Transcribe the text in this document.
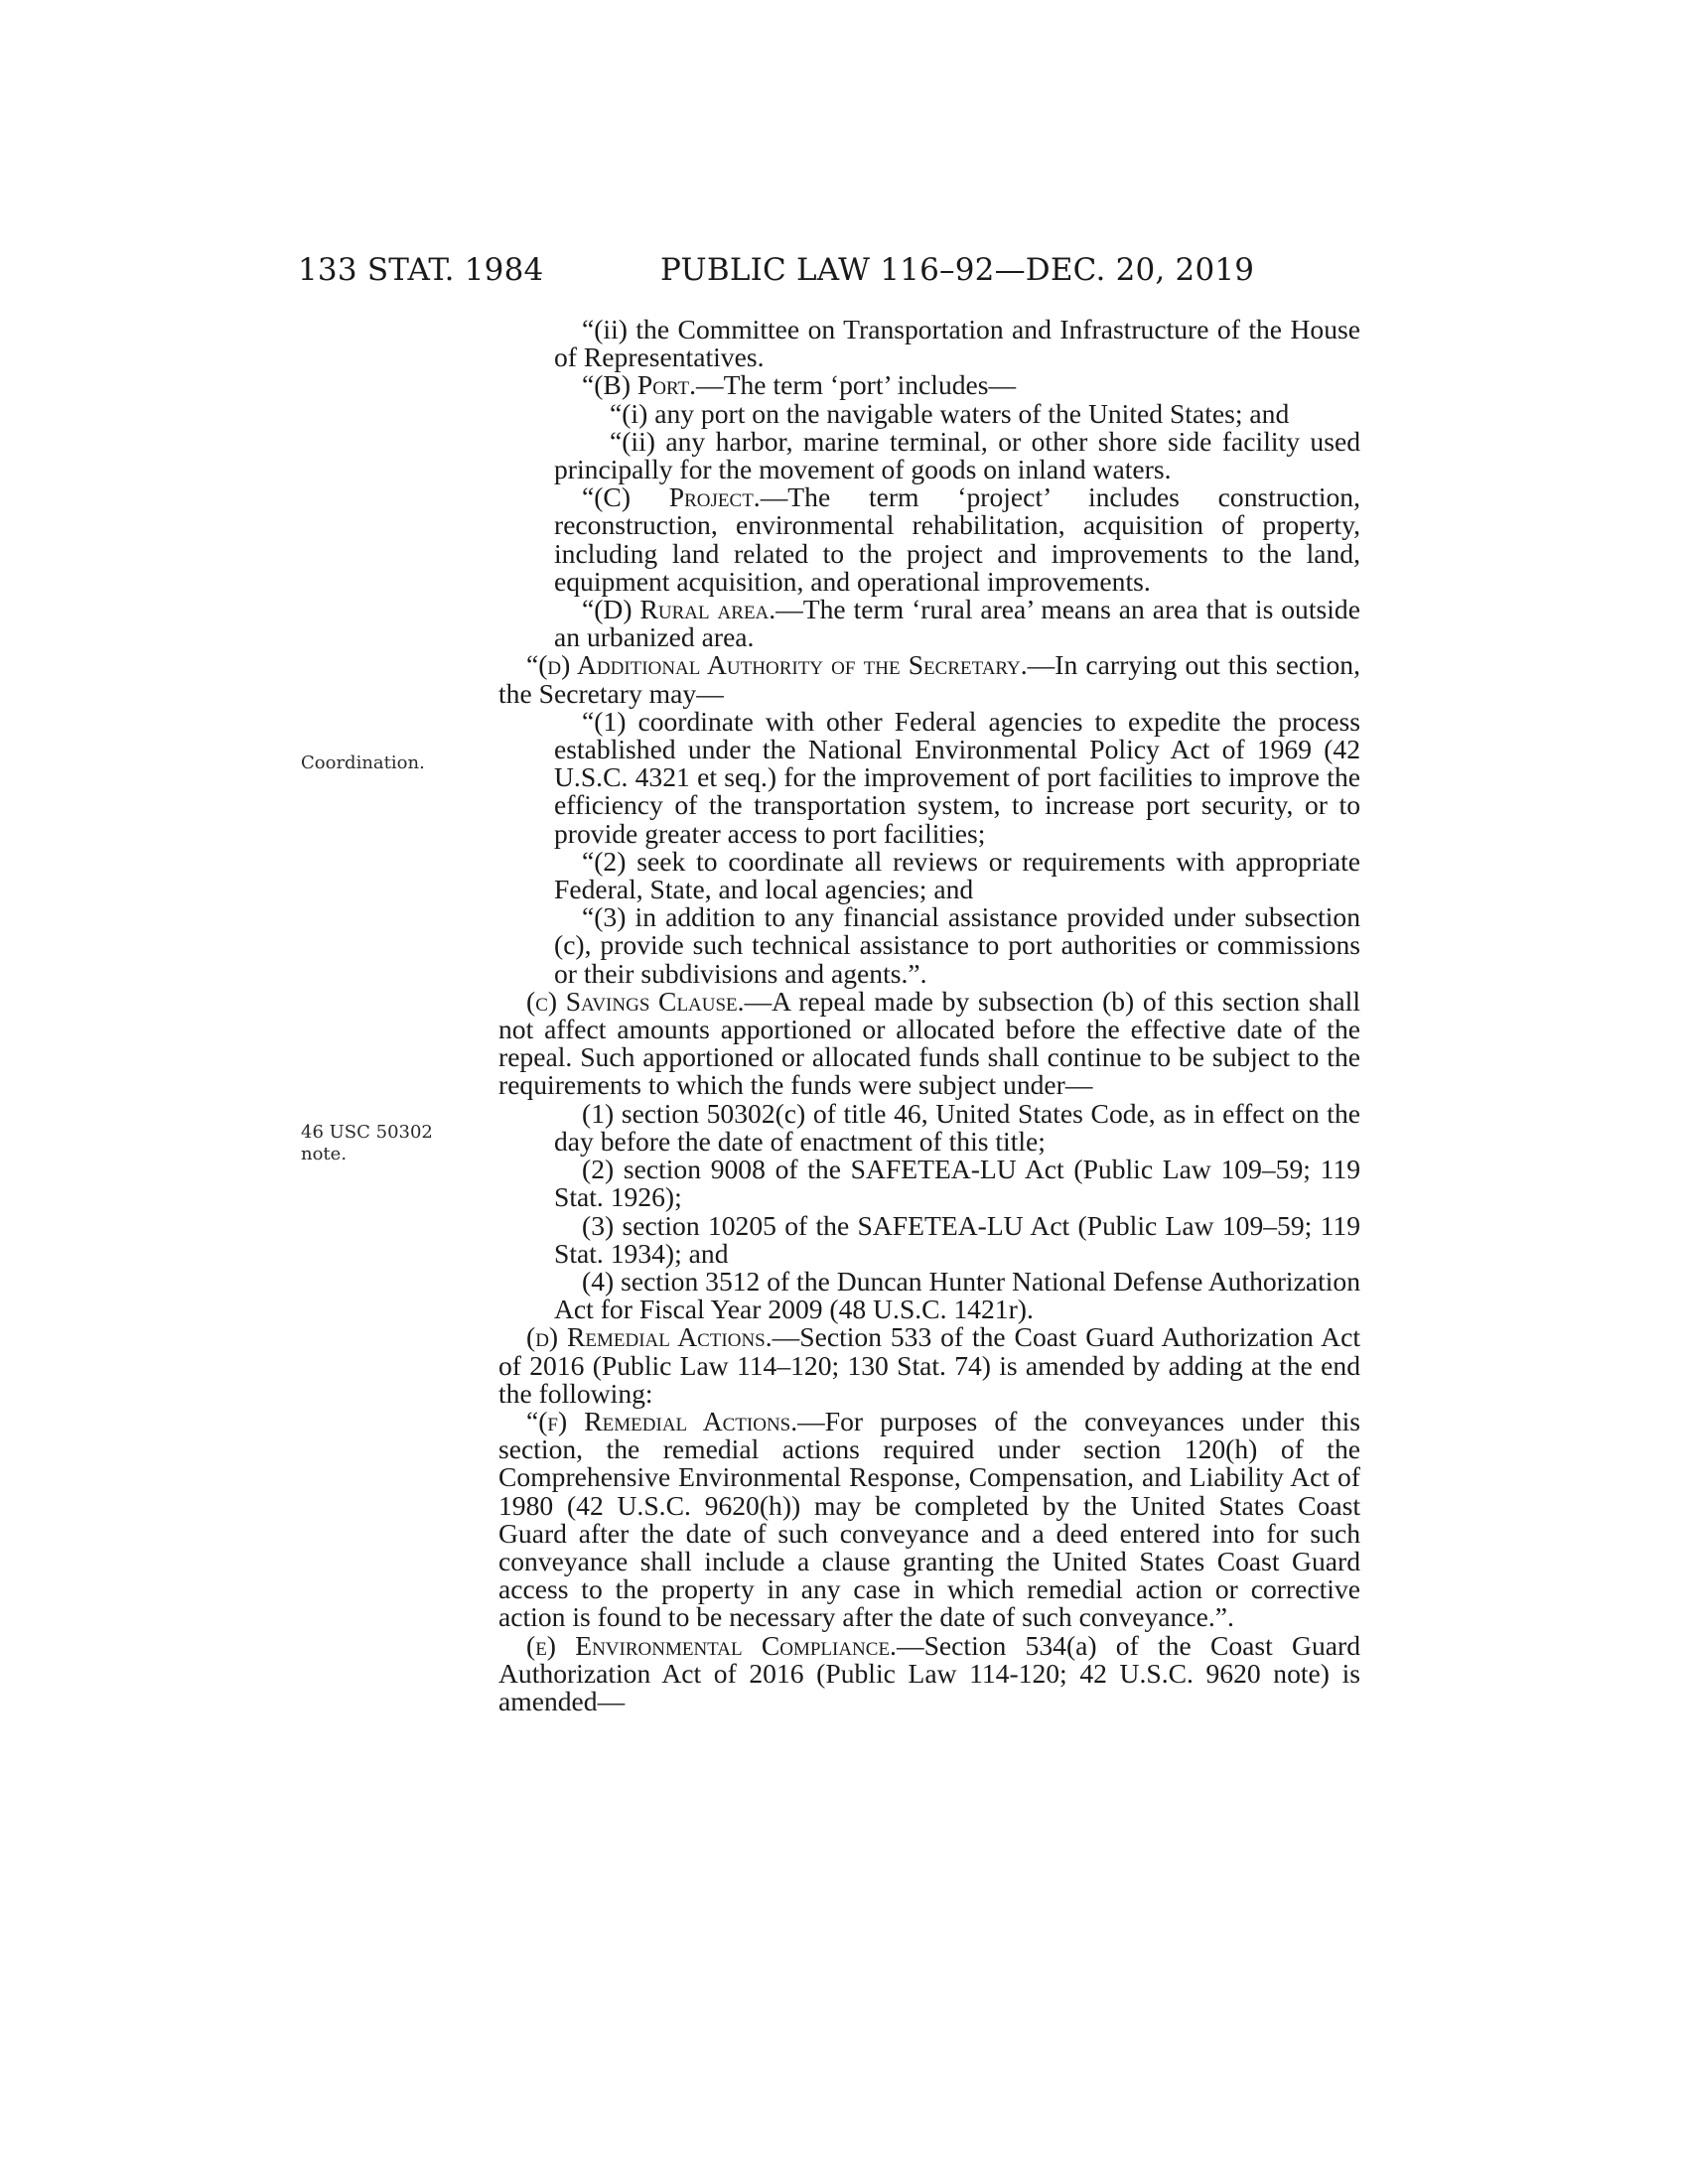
133 STAT. 1984	PUBLIC LAW 116–92—DEC. 20, 2019
Coordination.
46 USC 50302 note.

“(ii) the Committee on Transportation and Infrastructure of the House of Representatives.

“(B) Port.—The term ‘port’ includes—

“(i) any port on the navigable waters of the United States; and

“(ii) any harbor, marine terminal, or other shore side facility used principally for the movement of goods on inland waters.

“(C) Project.—The term ‘project’ includes construction, reconstruction, environmental rehabilitation, acquisition of property, including land related to the project and improvements to the land, equipment acquisition, and operational improvements.

“(D) Rural area.—The term ‘rural area’ means an area that is outside an urbanized area.

“(d) Additional Authority of the Secretary.—In carrying out this section, the Secretary may—

“(1) coordinate with other Federal agencies to expedite the process established under the National Environmental Policy Act of 1969 (42 U.S.C. 4321 et seq.) for the improvement of port facilities to improve the efficiency of the transportation system, to increase port security, or to provide greater access to port facilities;

“(2) seek to coordinate all reviews or requirements with appropriate Federal, State, and local agencies; and

“(3) in addition to any financial assistance provided under subsection (c), provide such technical assistance to port authorities or commissions or their subdivisions and agents.”.

(c) Savings Clause.—A repeal made by subsection (b) of this section shall not affect amounts apportioned or allocated before the effective date of the repeal. Such apportioned or allocated funds shall continue to be subject to the requirements to which the funds were subject under—

(1) section 50302(c) of title 46, United States Code, as in effect on the day before the date of enactment of this title;

(2) section 9008 of the SAFETEA-LU Act (Public Law 109–59; 119 Stat. 1926);

(3) section 10205 of the SAFETEA-LU Act (Public Law 109–59; 119 Stat. 1934); and

(4) section 3512 of the Duncan Hunter National Defense Authorization Act for Fiscal Year 2009 (48 U.S.C. 1421r).

(d) Remedial Actions.—Section 533 of the Coast Guard Authorization Act of 2016 (Public Law 114–120; 130 Stat. 74) is amended by adding at the end the following:

“(f) Remedial Actions.—For purposes of the conveyances under this section, the remedial actions required under section 120(h) of the Comprehensive Environmental Response, Compensation, and Liability Act of 1980 (42 U.S.C. 9620(h)) may be completed by the United States Coast Guard after the date of such conveyance and a deed entered into for such conveyance shall include a clause granting the United States Coast Guard access to the property in any case in which remedial action or corrective action is found to be necessary after the date of such conveyance.”.

(e) Environmental Compliance.—Section 534(a) of the Coast Guard Authorization Act of 2016 (Public Law 114-120; 42 U.S.C. 9620 note) is amended—
